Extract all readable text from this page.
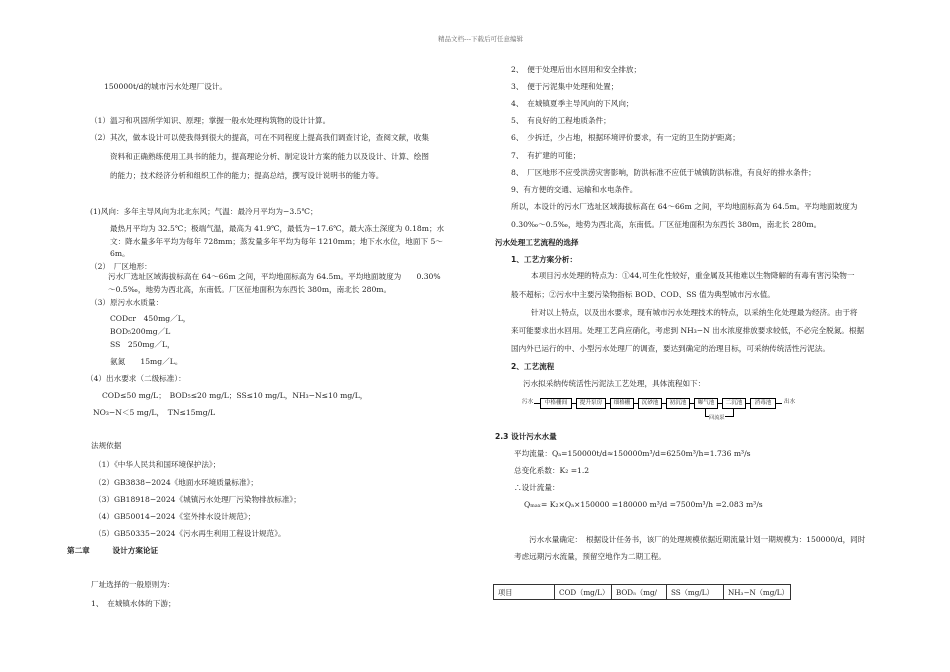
精品文档---下载后可任意编辑
150000t/d的城市污水处理厂设计。
（1） 温习和巩固所学知识、原理；掌握一般水处理构筑物的设计计算。
（2） 其次，做本设计可以使我得到很大的提高，可在不同程度上提高我们调查讨论，查阅文献，收集
资料和正确熟练使用工具书的能力，提高理论分析、制定设计方案的能力以及设计、计算、绘图
的能力；技术经济分析和组织工作的能力；提高总结，撰写设计说明书的能力等。
(1)风向：多年主导风向为北北东风；气温：最冷月平均为−3.5℃；
最热月平均为 32.5℃；极端气温，最高为 41.9℃，最低为−17.6℃，最大冻土深度为 0.18m；水
文：降水量多年平均为每年 728mm；蒸发量多年平均为每年 1210mm；地下水水位，地面下 5～
6m。
（2）　厂区地形：
污水厂选址区域海拔标高在 64～66m 之间，平均地面标高为 64.5m。平均地面坡度为　　0.30%
～0.5‰，地势为西北高，东南低。厂区征地面积为东西长 380m，南北长 280m。
（3）原污水水质量：
CODcr　450mg／L，
BOD₅200mg／L
SS　250mg／L，
氨氮　　15mg／L。
（4）出水要求（二级标准）：
COD≤50 mg/L；　BOD₅≤20 mg/L；SS≤10 mg/L，NH₃−N≤10 mg/L，
NO₃−N＜5 mg/L，　TN≤15mg/L
法规依据
（1）《中华人民共和国环境保护法》；
（2）GB3838−2024《地面水环境质量标准》；
（3）GB18918−2024《城镇污水处理厂污染物排放标准》；
（4）GB50014−2024《室外排水设计规范》；
（5）GB50335−2024《污水再生利用工程设计规范》。
第二章　　　设计方案论证
厂址选择的一般原则为：
1、　在城镇水体的下游；
2、　便于处理后出水回用和安全排放；
3、　便于污泥集中处理和处置；
4、　在城镇夏季主导风向的下风向；
5、　有良好的工程地质条件；
6、　少拆迁，少占地，根据环境评价要求，有一定的卫生防护距离；
7、　有扩建的可能；
8、　厂区地形不应受洪涝灾害影响，防洪标准不应低于城镇防洪标准，有良好的排水条件；
9、有方便的交通、运输和水电条件。
所以，本设计的污水厂选址区域海拔标高在 64～66m 之间，平均地面标高为 64.5m。平均地面坡度为
0.30‰～0.5‰，地势为西北高，东南低。厂区征地面积为东西长 380m，南北长 280m。
污水处理工艺流程的选择
1、工艺方案分析：
本项目污水处理的特点为：①44,可生化性较好，重金属及其他难以生物降解的有毒有害污染物一
般不超标；②污水中主要污染物指标 BOD、COD、SS 值为典型城市污水值。
针对以上特点，以及出水要求，现有城市污水处理技术的特点，以采纳生化处理最为经济。由于将
来可能要求出水回用。处理工艺尚应硝化，考虑到 NH₃−N 出水浓度排放要求较低，不必完全脱氮。根据
国内外已运行的中、小型污水处理厂的调查，要达到确定的治理目标，可采纳传统活性污泥法。
2、工艺流程
污水拟采纳传统活性污泥法工艺处理，具体流程如下：
污水	中格栅间	提升泵房	细格栅	沉砂池	初沉池	曝气池	二沉池	消毒池	出水
回流泵
2.3 设计污水水量
平均流量：Qₐ=150000t/d≈150000m³/d=6250m³/h=1.736 m³/s
总变化系数：K₂ =1.2
∴设计流量：
Qₘₐₓ= K₂×Qₐ×150000 =180000 m³/d =7500m³/h =2.083 m³/s
污水水量确定：　根据设计任务书，该厂的处理规模依据近期流量计划一期规模为：150000/d，同时
考虑远期污水流量，预留空地作为二期工程。
项目	COD（mg/L）	BOD₅（mg/	SS（mg/L）	NH₃−N（mg/L）
